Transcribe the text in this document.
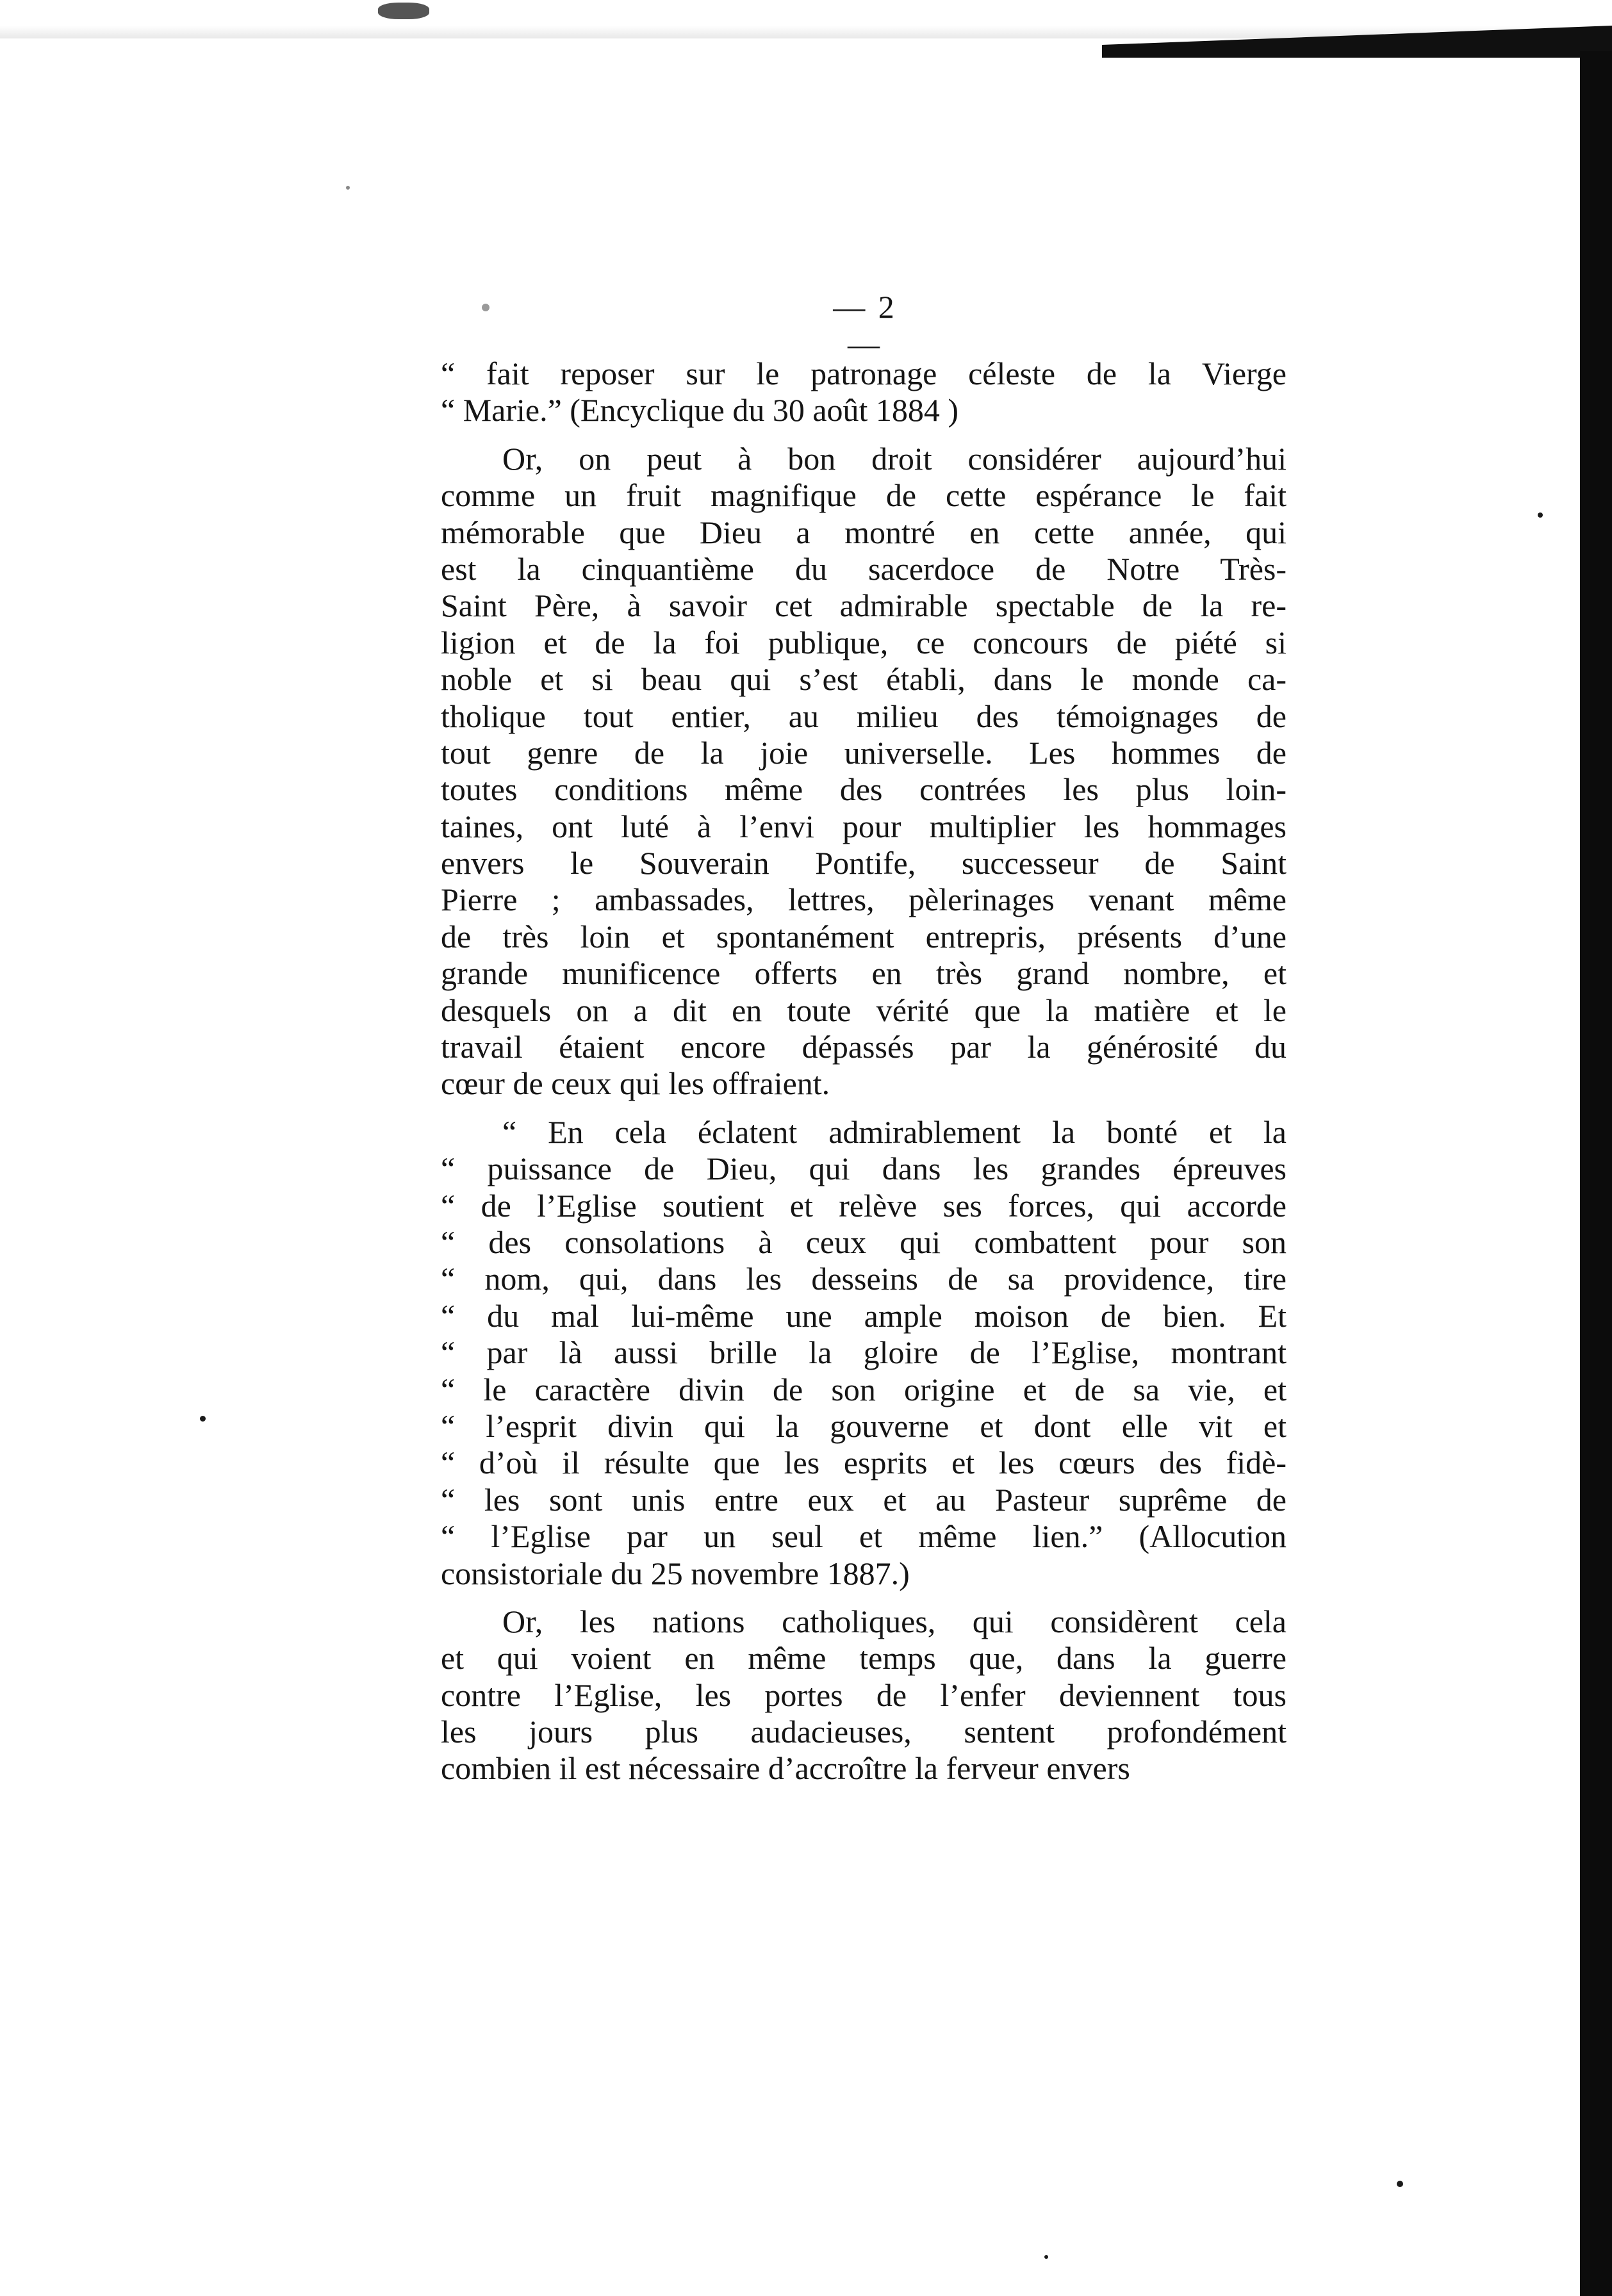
— 2 —
“ fait reposer sur le patronage céleste de la Vierge
“ Marie.” (Encyclique du 30 août 1884 )
Or, on peut à bon droit considérer aujourd’hui
comme un fruit magnifique de cette espérance le fait
mémorable que Dieu a montré en cette année, qui
est la cinquantième du sacerdoce de Notre Très-
Saint Père, à savoir cet admirable spectable de la re-
ligion et de la foi publique, ce concours de piété si
noble et si beau qui s’est établi, dans le monde ca-
tholique tout entier, au milieu des témoignages de
tout genre de la joie universelle. Les hommes de
toutes conditions même des contrées les plus loin-
taines, ont luté à l’envi pour multiplier les hommages
envers le Souverain Pontife, successeur de Saint
Pierre ; ambassades, lettres, pèlerinages venant même
de très loin et spontanément entrepris, présents d’une
grande munificence offerts en très grand nombre, et
desquels on a dit en toute vérité que la matière et le
travail étaient encore dépassés par la générosité du
cœur de ceux qui les offraient.
“ En cela éclatent admirablement la bonté et la
“ puissance de Dieu, qui dans les grandes épreuves
“ de l’Eglise soutient et relève ses forces, qui accorde
“ des consolations à ceux qui combattent pour son
“ nom, qui, dans les desseins de sa providence, tire
“ du mal lui-même une ample moison de bien. Et
“ par là aussi brille la gloire de l’Eglise, montrant
“ le caractère divin de son origine et de sa vie, et
“ l’esprit divin qui la gouverne et dont elle vit et
“ d’où il résulte que les esprits et les cœurs des fidè-
“ les sont unis entre eux et au Pasteur suprême de
“ l’Eglise par un seul et même lien.” (Allocution
consistoriale du 25 novembre 1887.)
Or, les nations catholiques, qui considèrent cela
et qui voient en même temps que, dans la guerre
contre l’Eglise, les portes de l’enfer deviennent tous
les jours plus audacieuses, sentent profondément
combien il est nécessaire d’accroître la ferveur envers
